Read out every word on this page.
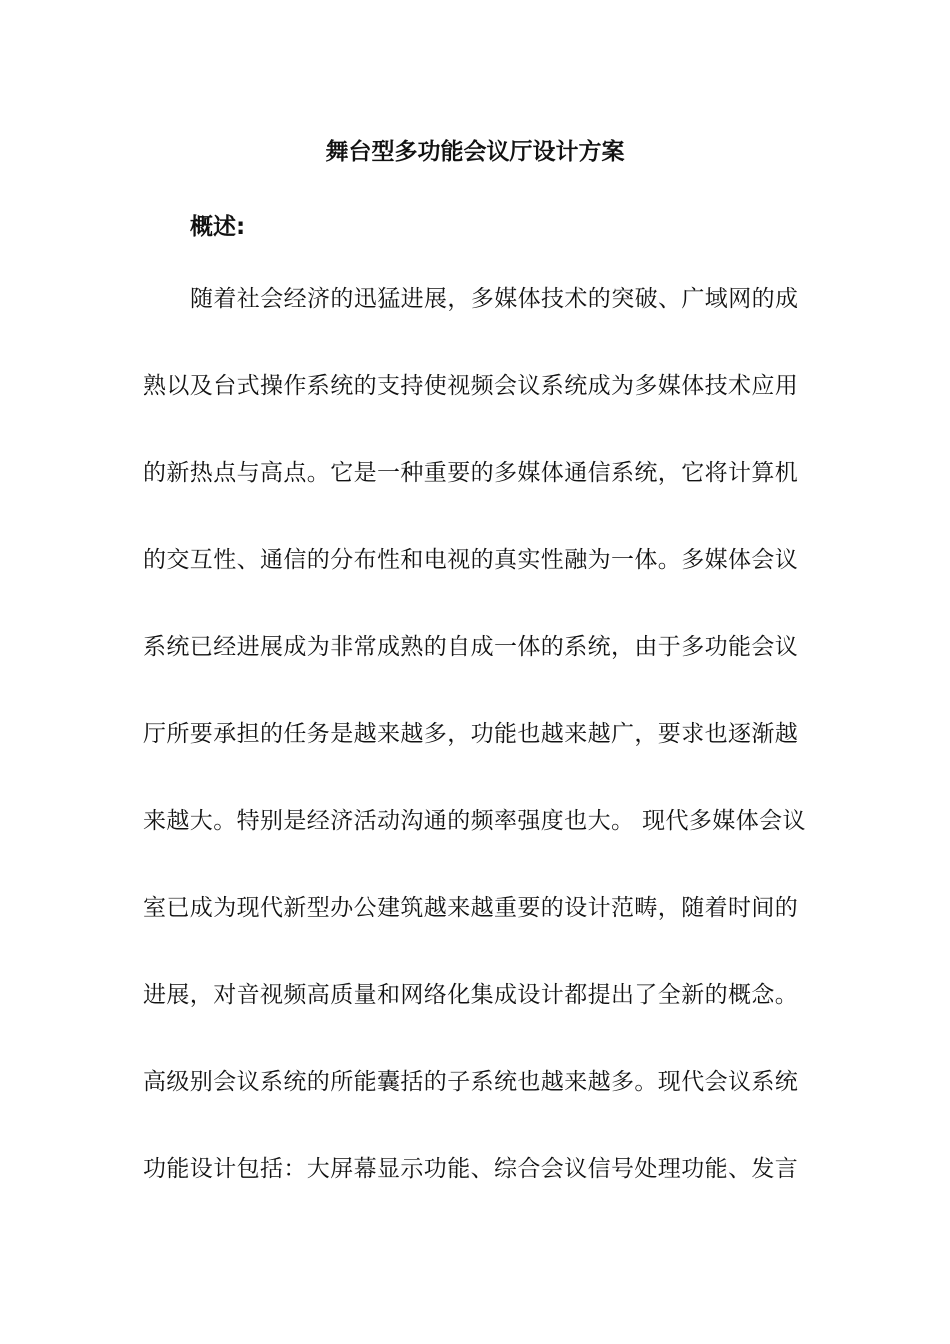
舞台型多功能会议厅设计方案
概述:

随着社会经济的迅猛进展，多媒体技术的突破、广域网的成

熟以及台式操作系统的支持使视频会议系统成为多媒体技术应用

的新热点与高点。它是一种重要的多媒体通信系统，它将计算机

的交互性、通信的分布性和电视的真实性融为一体。多媒体会议

系统已经进展成为非常成熟的自成一体的系统，由于多功能会议

厅所要承担的任务是越来越多，功能也越来越广，要求也逐渐越

来越大。特别是经济活动沟通的频率强度也大。 现代多媒体会议

室已成为现代新型办公建筑越来越重要的设计范畴，随着时间的

进展，对音视频高质量和网络化集成设计都提出了全新的概念。

高级别会议系统的所能囊括的子系统也越来越多。现代会议系统

功能设计包括：大屏幕显示功能、综合会议信号处理功能、发言
